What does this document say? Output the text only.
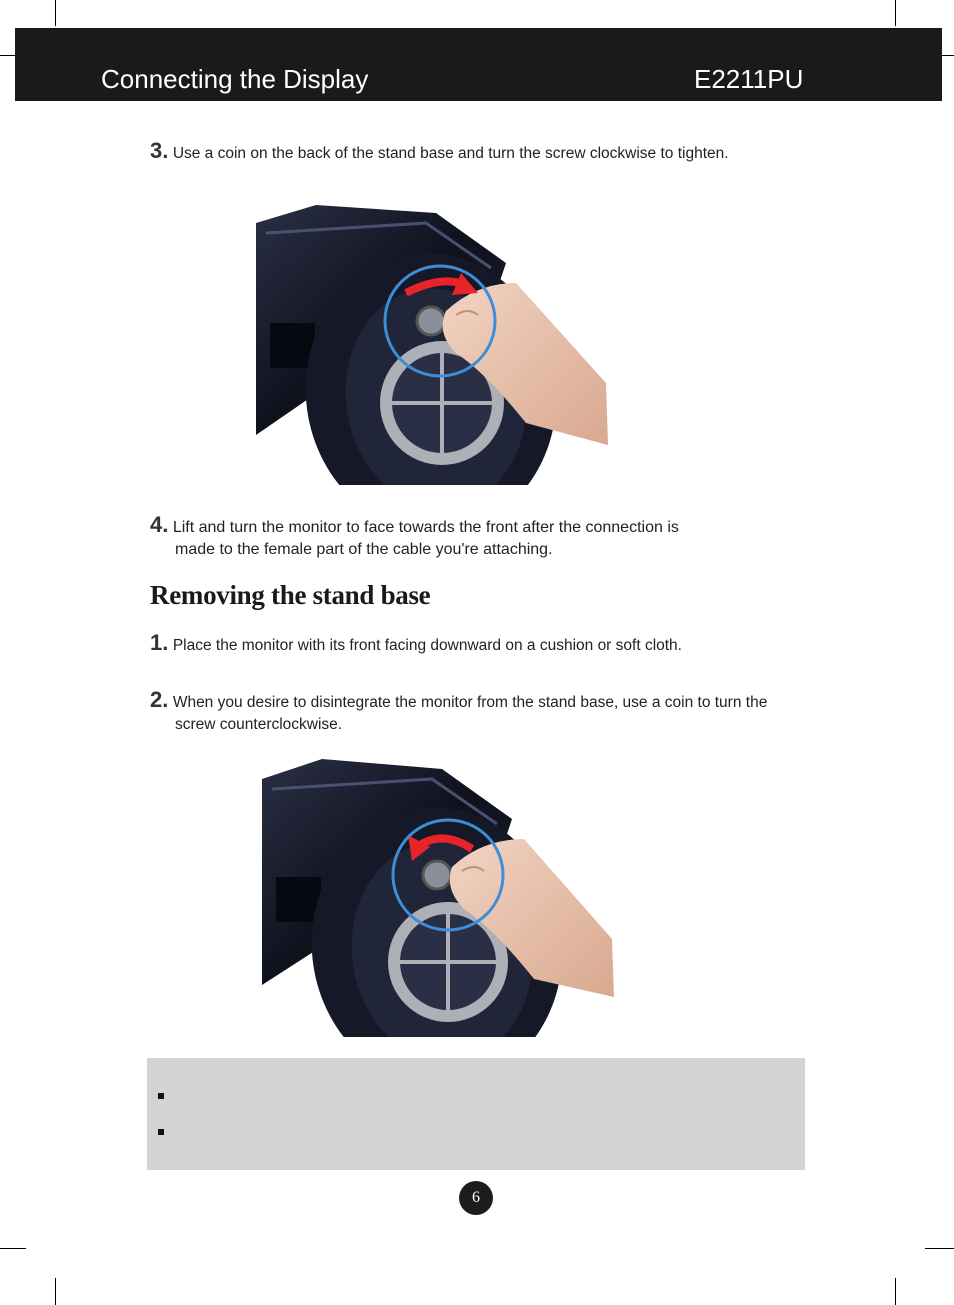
Connecting the Display	E2211PU
3. Use a coin on the back of the stand base and turn the screw clockwise to tighten.
4. Lift and turn the monitor to face towards the front after the connection is
made to the female part of the cable you're attaching.
Removing the stand base
1. Place the monitor with its front facing downward on a cushion or soft cloth.
2. When you desire to disintegrate the monitor from the stand base, use a coin to turn the
screw counterclockwise.
6
